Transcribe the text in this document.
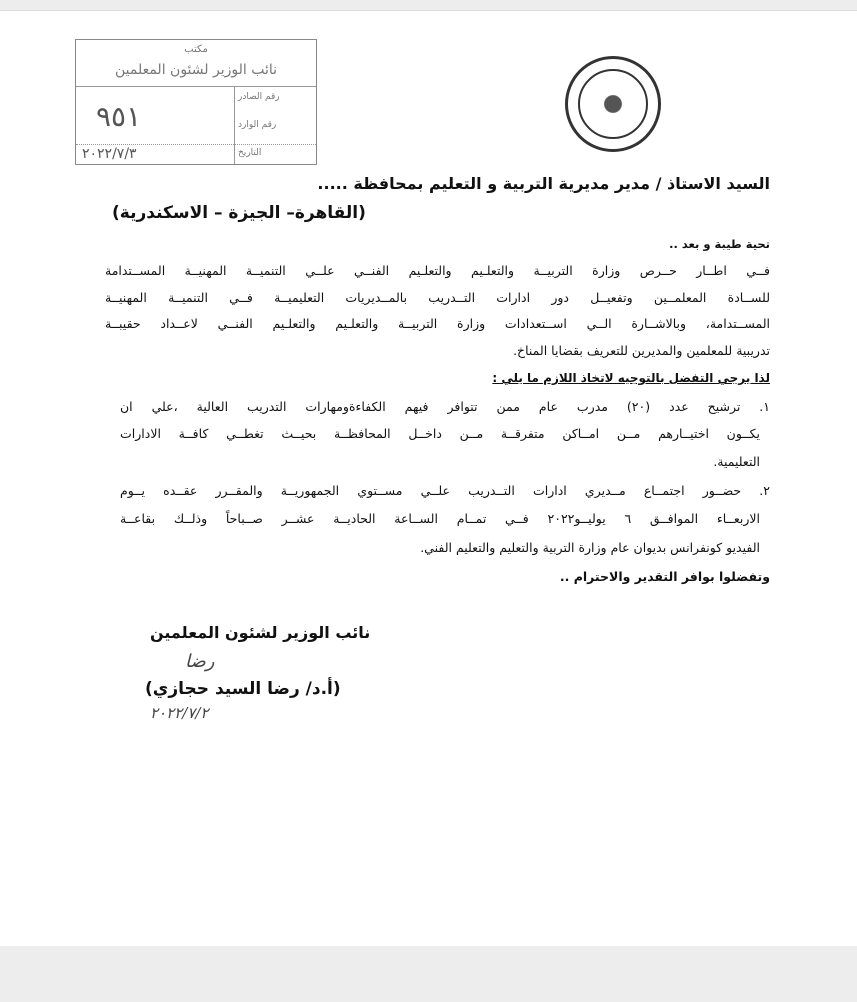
مكتب
نائب الوزير لشئون المعلمين
رقم الصادر
رقم الوارد
التاريخ
٩٥١
٢٠٢٢/٧/٣
السيد الاستاذ / مدير مديرية التربية و التعليم بمحافظة .....
(القاهرة– الجيزة – الاسكندرية)
تحية طيبة و بعد ..
فــي اطــار حــرص وزارة التربيــة والتعلـيم والتعلـيم الفنــي علــي التنميــة المهنيــة المســتدامة
للســادة المعلمــين وتفعيــل دور ادارات التــدريب بالمــديريات التعليميــة فــي التنميــة المهنيــة
المســتدامة، وبالاشــارة الــي اســتعدادات وزارة التربيــة والتعلـيم والتعلـيم الفنــي لاعــداد حقيبــة
تدريبية للمعلمين والمديرين للتعريف بقضايا المناخ.
لذا يرجي التفضل بالتوجيه لاتخاذ اللازم ما يلي :
١. ترشيح عدد (٢٠) مدرب عام ممن تتوافر فيهم الكفاءةومهارات التدريب العالية ،علي ان
يكــون اختيــارهم مــن امــاكن متفرقــة مــن داخــل المحافظــة بحيــث تغطــي كافــة الادارات
التعليمية.
٢. حضــور اجتمــاع مــديري ادارات التــدريب علــي مســتوي الجمهوريــة والمقــرر عقــده يــوم
الاربعــاء الموافــق ٦ يوليــو٢٠٢٢ فــي تمــام الســاعة الحاديــة عشــر صــباحاً وذلــك بقاعــة
الفيديو كونفرانس بديوان عام وزارة التربية والتعليم والتعليم الفني.
وتفضلوا بوافر التقدير والاحترام ..
نائب الوزير لشئون المعلمين
رضا
(أ.د/ رضا السيد حجازي)
٢٠٢٢/٧/٢
